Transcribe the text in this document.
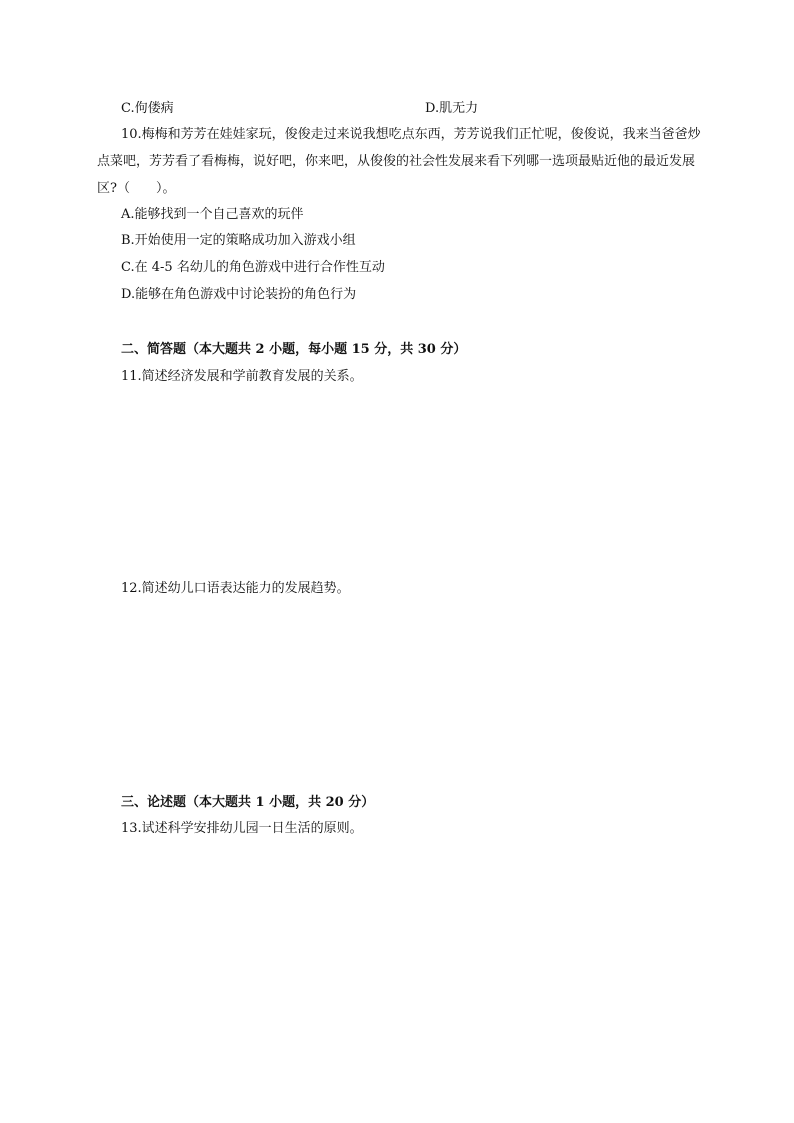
C.佝偻病	D.肌无力
10.梅梅和芳芳在娃娃家玩，俊俊走过来说我想吃点东西，芳芳说我们正忙呢，俊俊说，我来当爸爸炒点菜吧，芳芳看了看梅梅，说好吧，你来吧，从俊俊的社会性发展来看下列哪一选项最贴近他的最近发展区?（　　）。
A.能够找到一个自己喜欢的玩伴
B.开始使用一定的策略成功加入游戏小组
C.在 4-5 名幼儿的角色游戏中进行合作性互动
D.能够在角色游戏中讨论装扮的角色行为
二、简答题（本大题共 2 小题，每小题 15 分，共 30 分）
11.简述经济发展和学前教育发展的关系。
12.简述幼儿口语表达能力的发展趋势。
三、论述题（本大题共 1 小题，共 20 分）
13.试述科学安排幼儿园一日生活的原则。
